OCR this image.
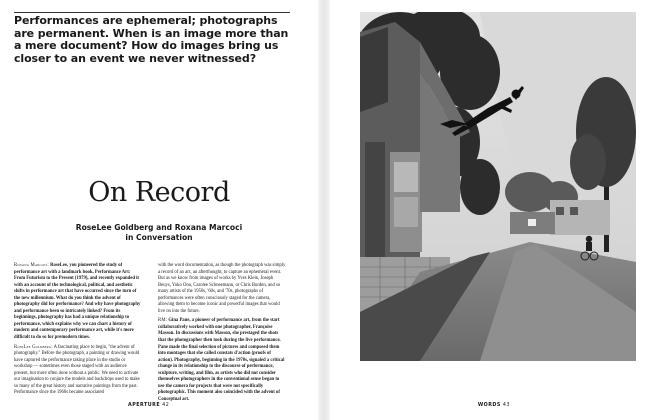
Performances are ephemeral; photographs are permanent. When is an image more than a mere document? How do images bring us closer to an event we never witnessed?
On Record
RoseLee Goldberg and Roxana Marcoci
in Conversation

Roxana Marcoci: RoseLee, you pioneered the study of performance art with a landmark book, Performance Art: From Futurism to the Present (1979), and recently expanded it with an account of the technological, political, and aesthetic shifts in performance art that have occurred since the turn of the new millennium. What do you think the advent of photography did for performance? And why have photography and performance been so intricately linked? From its beginnings, photography has had a unique relationship to performance, which explains why we can chart a history of modern and contemporary performance art, while it's more difficult to do so for premodern times.

RoseLee Goldberg: A fascinating place to begin, "the advent of photography." Before the photograph, a painting or drawing would have captured the performance taking place in the studio or workshop — sometimes even those staged with an audience present, but more often done without a public. We need to activate our imagination to conjure the models and backdrops used to make so many of the great history and narrative paintings from the past. Performance since the 1960s became associated

with the word documentation, as though the photograph was simply a record of an act, an afterthought, to capture an ephemeral event. But as we know from images of works by Yves Klein, Joseph Beuys, Yoko Ono, Carolee Schneemann, or Chris Burden, and so many artists of the 1950s, '60s, and '70s, photographs of performances were often consciously staged for the camera, allowing them to become iconic and powerful images that would live on into the future.

RM: Gina Pane, a pioneer of performance art, from the start collaboratively worked with one photographer, Françoise Masson. In discussions with Masson, she prestaged the shots that the photographer then took during the live performance. Pane made the final selection of pictures and composed them into montages that she called constats d'action (proofs of action). Photography, beginning in the 1970s, signaled a critical change in its relationship to the discourse of performance, sculpture, writing, and film, as artists who did not consider themselves photographers in the conventional sense began to use the camera for projects that were not specifically photographic. This moment also coincided with the advent of Conceptual art.

APERTURE 42	WORDS 43
